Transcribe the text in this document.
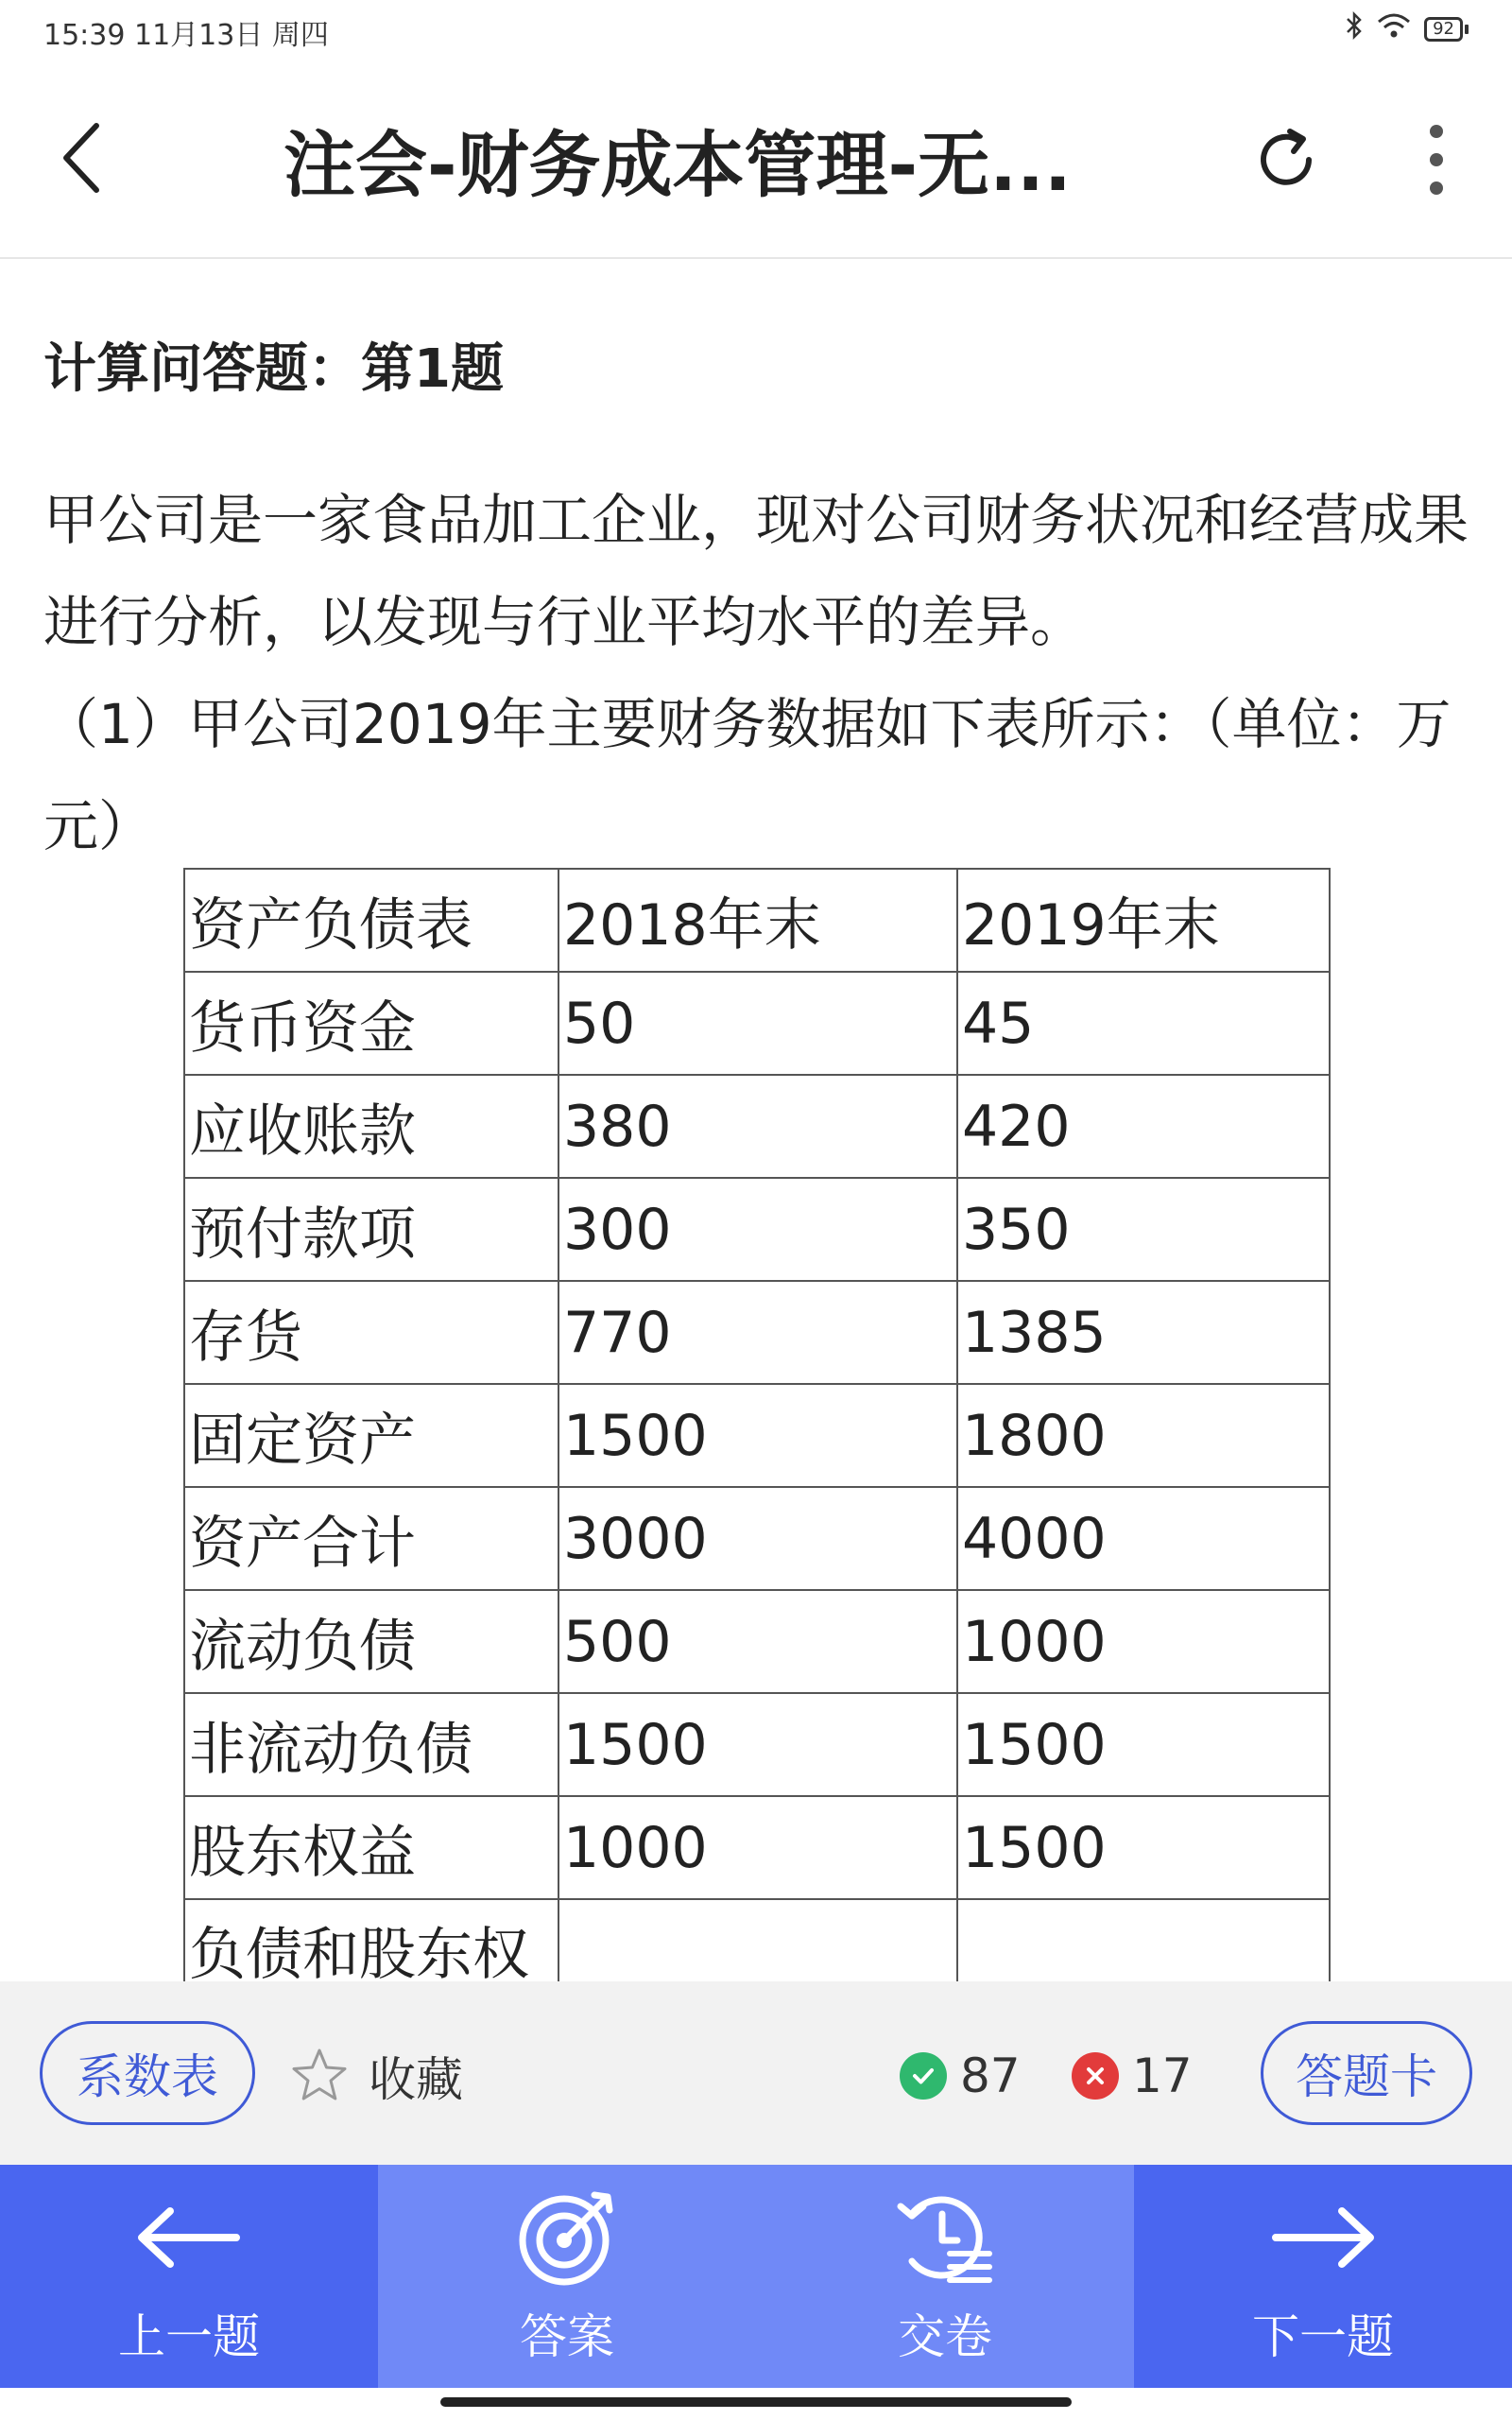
15:39 11月13日 周四	92
注会-财务成本管理-无...
计算问答题：第1题
甲公司是一家食品加工企业，现对公司财务状况和经营成果进行分析，以发现与行业平均水平的差异。
（1）甲公司2019年主要财务数据如下表所示：（单位：万元）
资产负债表	2018年末	2019年末
货币资金	50	45
应收账款	380	420
预付款项	300	350
存货	770	1385
固定资产	1500	1800
资产合计	3000	4000
流动负债	500	1000
非流动负债	1500	1500
股东权益	1000	1500
负债和股东权		
系数表	收藏	87 17	答题卡
上一题	答案	交卷	下一题
